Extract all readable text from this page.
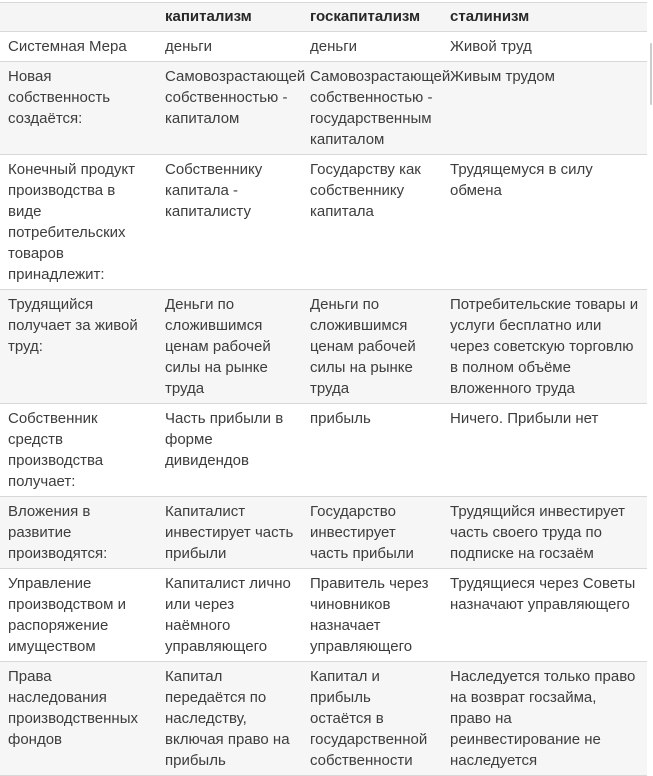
	капитализм	госкапитализм	сталинизм
Системная Мера	деньги	деньги	Живой труд
Новая собственность создаётся:	Самовозрастающей собственностью - капиталом	Самовозрастающей собственностью - государственным капиталом	Живым трудом
Конечный продукт производства в виде потребительских товаров принадлежит:	Собственнику капитала - капиталисту	Государству как собственнику капитала	Трудящемуся в силу обмена
Трудящийся получает за живой труд:	Деньги по сложившимся ценам рабочей силы на рынке труда	Деньги по сложившимся ценам рабочей силы на рынке труда	Потребительские товары и услуги бесплатно или через советскую торговлю в полном объёме вложенного труда
Собственник средств производства получает:	Часть прибыли в форме дивидендов	прибыль	Ничего. Прибыли нет
Вложения в развитие производятся:	Капиталист инвестирует часть прибыли	Государство инвестирует часть прибыли	Трудящийся инвестирует часть своего труда по подписке на госзаём
Управление производством и распоряжение имуществом	Капиталист лично или через наёмного управляющего	Правитель через чиновников назначает управляющего	Трудящиеся через Советы назначают управляющего
Права наследования производственных фондов	Капитал передаётся по наследству, включая право на прибыль	Капитал и прибыль остаётся в государственной собственности	Наследуется только право на возврат госзайма, право на реинвестирование не наследуется
